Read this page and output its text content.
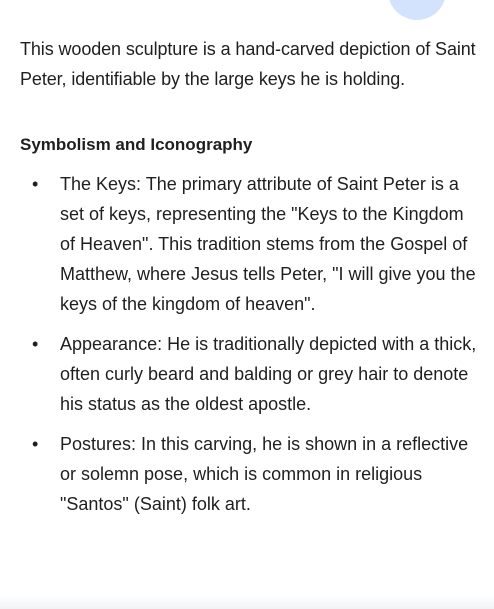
This wooden sculpture is a hand-carved depiction of Saint Peter, identifiable by the large keys he is holding.

Symbolism and Iconography
• The Keys: The primary attribute of Saint Peter is a set of keys, representing the "Keys to the Kingdom of Heaven". This tradition stems from the Gospel of Matthew, where Jesus tells Peter, "I will give you the keys of the kingdom of heaven".
• Appearance: He is traditionally depicted with a thick, often curly beard and balding or grey hair to denote his status as the oldest apostle.
• Postures: In this carving, he is shown in a reflective or solemn pose, which is common in religious "Santos" (Saint) folk art.
